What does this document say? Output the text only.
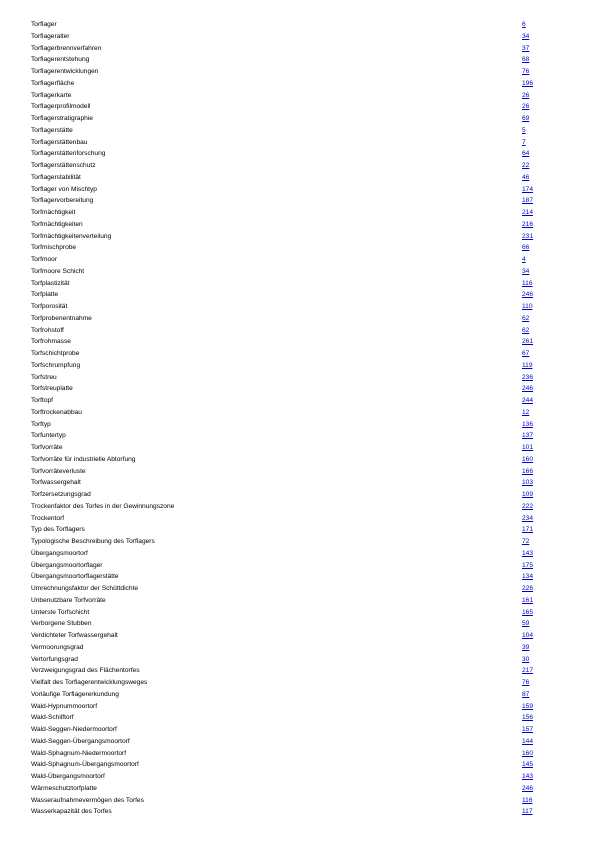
Torflager	6
Torflageralter	34
Torflagerbrennverfahren	37
Torflagerentstehung	68
Torflagerentwicklungen	76
Torflagerfläche	196
Torflagerkarte	26
Torflagerprofilmodell	26
Torflagerstratigraphie	69
Torflagerstätte	5
Torflagerstättenbau	7
Torflagerstättenforschung	64
Torflagerstättenschutz	22
Torflagerstabilität	46
Torflager von Mischtyp	174
Torflagervorbereitung	187
Torfmächtigkeit	214
Torfmächtigkeiten	216
Torfmächtigkeitenverteilung	231
Torfmischprobe	66
Torfmoor	4
Torfmoore Schicht	34
Torfplastizität	116
Torfplatte	246
Torfporosität	110
Torfprobenentnahme	62
Torfrohstoff	62
Torfrohmasse	261
Torfschichtprobe	67
Torfschrumpfung	119
Torfstreu	236
Torfstreuplatte	246
Torftopf	244
Torftrockenabbau	12
Torftyp	136
Torfuntertyp	137
Torfvorräte	101
Torfvorräte für industrielle Abtorfung	160
Torfvorräteverluste	166
Torfwassergehalt	103
Torfzersetzungsgrad	109
Trockenfaktor des Torfes in der Gewinnungszone	222
Trockentorf	234
Typ des Torflagers	171
Typologische Beschreibung des Torflagers	72
Übergangsmoortorf	143
Übergangsmoortorflager	175
Übergangsmoortorflagerstätte	134
Umrechnungsfaktor der Schüttdichte	226
Unbenutzbare Torfvorräte	161
Unterste Torfschicht	165
Verborgene Stubben	59
Verdichteter Torfwassergehalt	104
Vermoorungsgrad	39
Vertorfungsgrad	30
Verzweigungsgrad des Flächentorfes	217
Vielfalt des Torflagerentwicklungsweges	76
Vorläufige Torflagererkundung	87
Wald-Hypnummoortorf	159
Wald-Schilftorf	156
Wald-Seggen-Niedermoortorf	157
Wald-Seggen-Übergangsmoortorf	144
Wald-Sphagnum-Niedermoortorf	160
Wald-Sphagnum-Übergangsmoortorf	145
Wald-Übergangsmoortorf	143
Wärmeschutztorfplatte	246
Wasseraufnahmevermögen des Torfes	116
Wasserkapazität des Torfes	117
